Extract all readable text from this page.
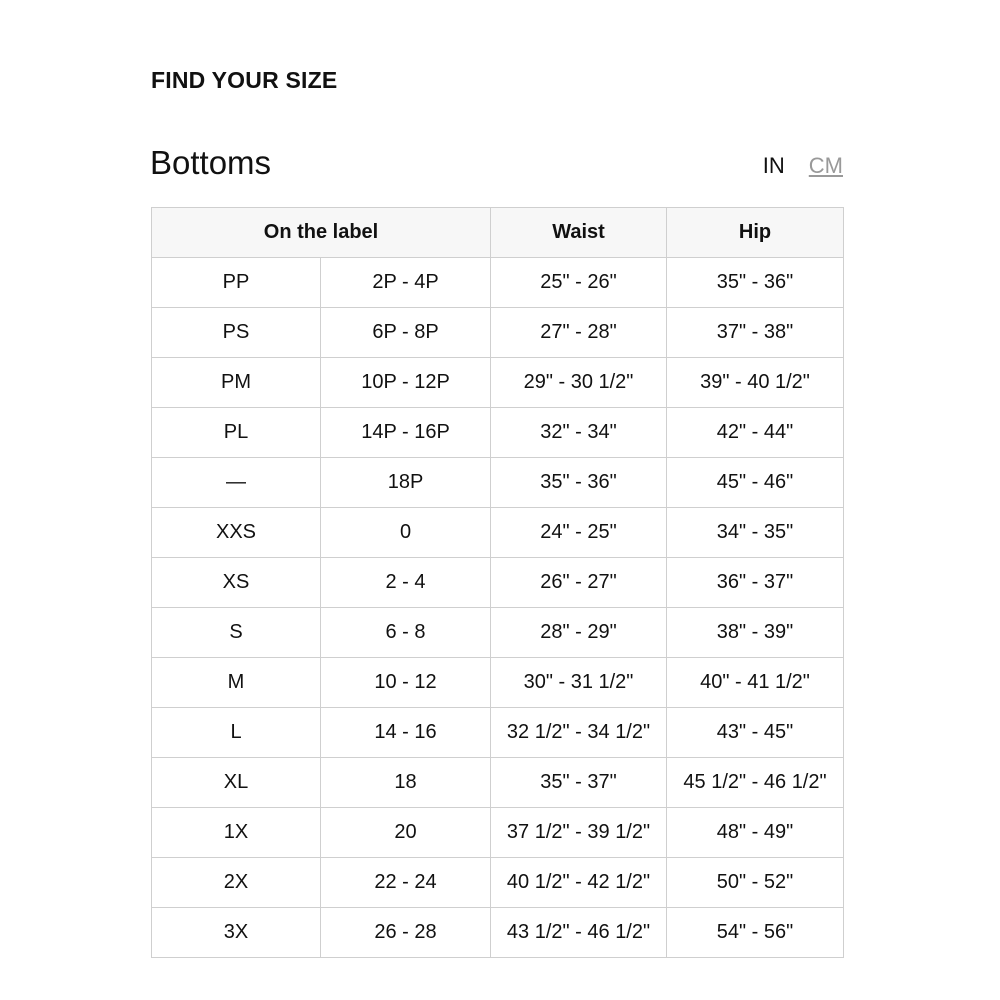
FIND YOUR SIZE
Bottoms	IN CM
On the label		Waist	Hip
PP	2P - 4P	25" - 26"	35" - 36"
PS	6P - 8P	27" - 28"	37" - 38"
PM	10P - 12P	29" - 30 1/2"	39" - 40 1/2"
PL	14P - 16P	32" - 34"	42" - 44"
—	18P	35" - 36"	45" - 46"
XXS	0	24" - 25"	34" - 35"
XS	2 - 4	26" - 27"	36" - 37"
S	6 - 8	28" - 29"	38" - 39"
M	10 - 12	30" - 31 1/2"	40" - 41 1/2"
L	14 - 16	32 1/2" - 34 1/2"	43" - 45"
XL	18	35" - 37"	45 1/2" - 46 1/2"
1X	20	37 1/2" - 39 1/2"	48" - 49"
2X	22 - 24	40 1/2" - 42 1/2"	50" - 52"
3X	26 - 28	43 1/2" - 46 1/2"	54" - 56"
